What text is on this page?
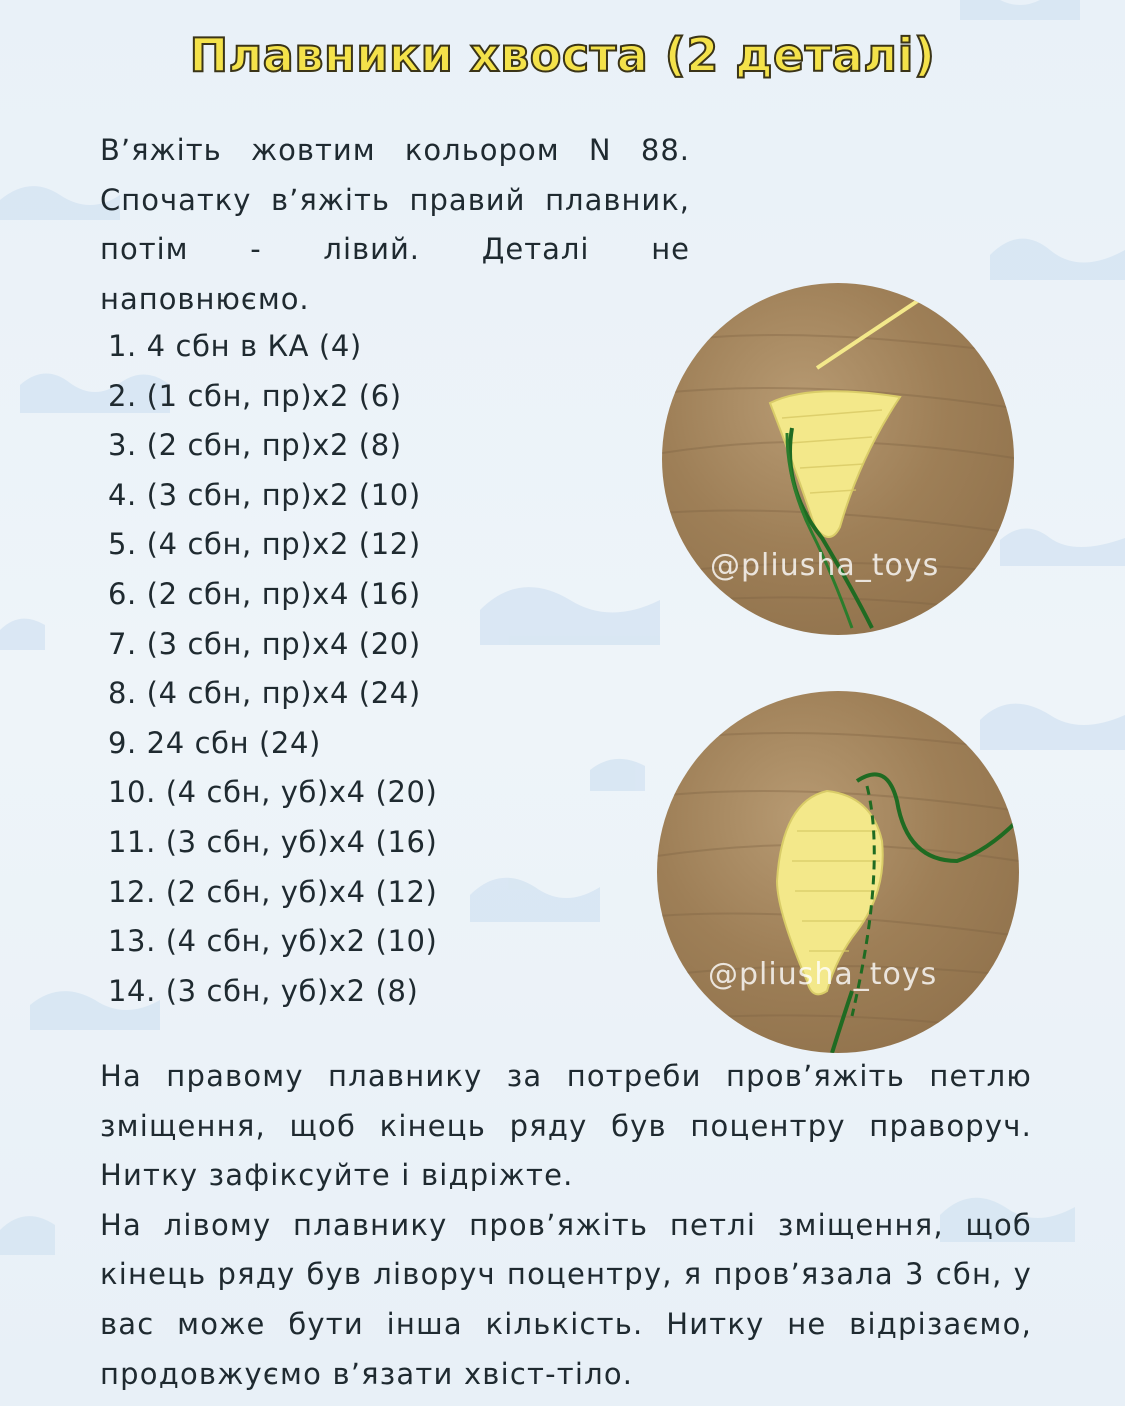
Плавники хвоста (2 деталі)
В’яжіть жовтим кольором N 88. Спочатку в’яжіть правий плавник, потім - лівий. Деталі не наповнюємо.
1. 4 сбн в КА (4)
2. (1 сбн, пр)х2 (6)
3. (2 сбн, пр)х2 (8)
4. (3 сбн, пр)х2 (10)
5. (4 сбн, пр)х2 (12)
6. (2 сбн, пр)х4 (16)
7. (3 сбн, пр)х4 (20)
8. (4 сбн, пр)х4 (24)
9. 24 сбн (24)
10. (4 сбн, уб)х4 (20)
11. (3 сбн, уб)х4 (16)
12. (2 сбн, уб)х4 (12)
13. (4 сбн, уб)х2 (10)
14. (3 сбн, уб)х2 (8)
@pliusha_toys
@pliusha_toys

На правому плавнику за потреби пров’яжіть петлю зміщення, щоб кінець ряду був поцентру праворуч. Нитку зафіксуйте і відріжте.

На лівому плавнику пров’яжіть петлі зміщення, щоб кінець ряду був ліворуч поцентру, я пров’язала 3 сбн, у вас може бути інша кількість. Нитку не відрізаємо, продовжуємо в’язати хвіст-тіло.
